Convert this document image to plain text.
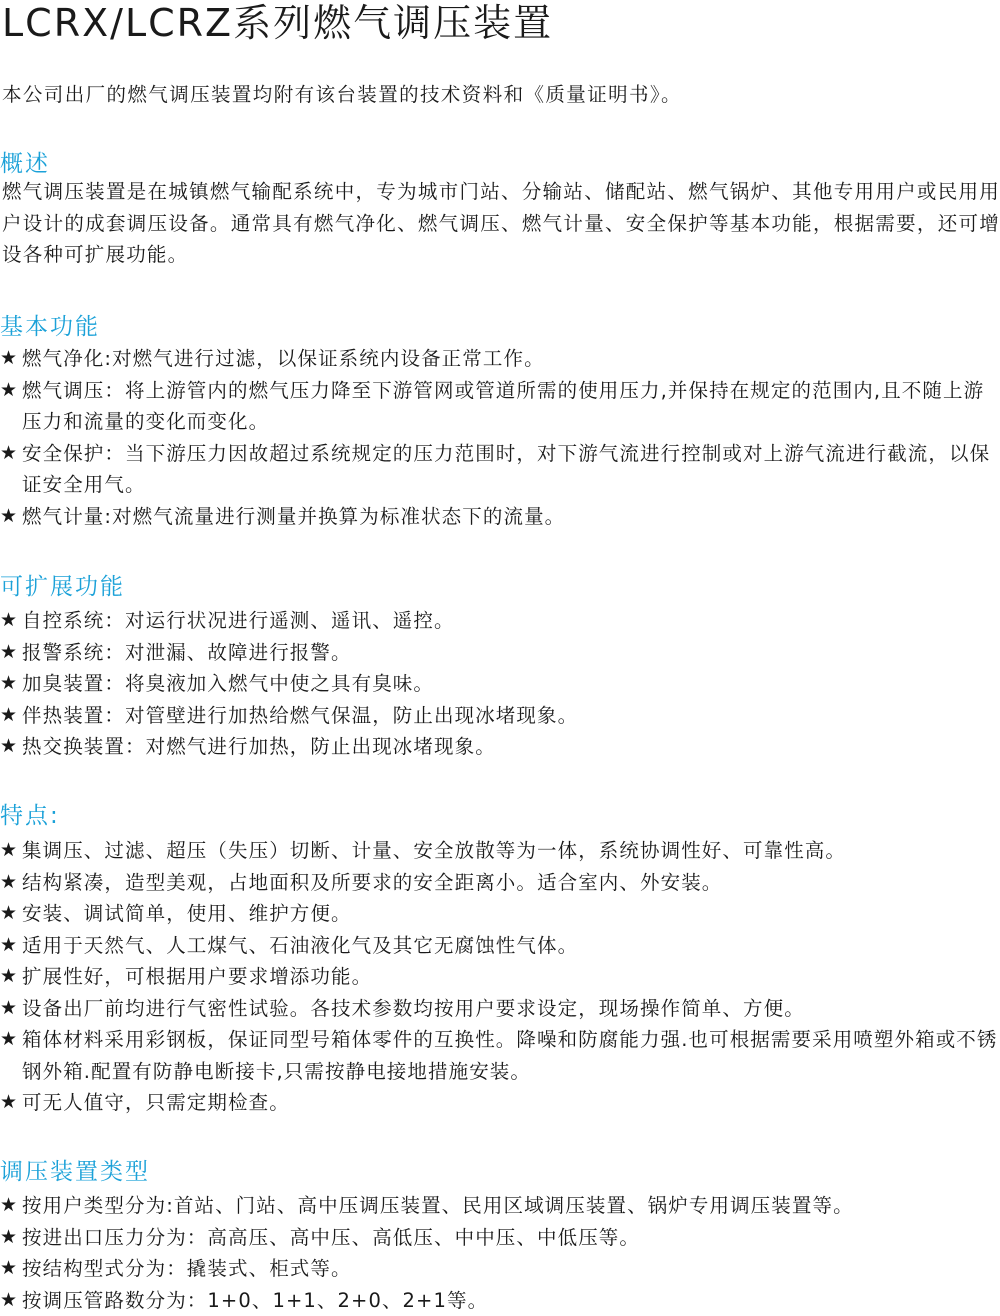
LCRX/LCRZ系列燃气调压装置
本公司出厂的燃气调压装置均附有该台装置的技术资料和《质量证明书》。
概述
燃气调压装置是在城镇燃气输配系统中，专为城市门站、分输站、储配站、燃气锅炉、其他专用用户或民用用户设计的成套调压设备。通常具有燃气净化、燃气调压、燃气计量、安全保护等基本功能，根据需要，还可增设各种可扩展功能。
基本功能
★ 燃气净化:对燃气进行过滤，以保证系统内设备正常工作。
★ 燃气调压：将上游管内的燃气压力降至下游管网或管道所需的使用压力,并保持在规定的范围内,且不随上游压力和流量的变化而变化。
★ 安全保护：当下游压力因故超过系统规定的压力范围时，对下游气流进行控制或对上游气流进行截流，以保证安全用气。
★ 燃气计量:对燃气流量进行测量并换算为标准状态下的流量。
可扩展功能
★ 自控系统：对运行状况进行遥测、遥讯、遥控。
★ 报警系统：对泄漏、故障进行报警。
★ 加臭装置：将臭液加入燃气中使之具有臭味。
★ 伴热装置：对管壁进行加热给燃气保温，防止出现冰堵现象。
★ 热交换装置：对燃气进行加热，防止出现冰堵现象。
特点:
★ 集调压、过滤、超压（失压）切断、计量、安全放散等为一体，系统协调性好、可靠性高。
★ 结构紧凑，造型美观，占地面积及所要求的安全距离小。适合室内、外安装。
★ 安装、调试简单，使用、维护方便。
★ 适用于天然气、人工煤气、石油液化气及其它无腐蚀性气体。
★ 扩展性好，可根据用户要求增添功能。
★ 设备出厂前均进行气密性试验。各技术参数均按用户要求设定，现场操作简单、方便。
★ 箱体材料采用彩钢板，保证同型号箱体零件的互换性。降噪和防腐能力强.也可根据需要采用喷塑外箱或不锈钢外箱.配置有防静电断接卡,只需按静电接地措施安装。
★ 可无人值守，只需定期检查。
调压装置类型
★ 按用户类型分为:首站、门站、高中压调压装置、民用区域调压装置、锅炉专用调压装置等。
★ 按进出口压力分为：高高压、高中压、高低压、中中压、中低压等。
★ 按结构型式分为：撬装式、柜式等。
★ 按调压管路数分为：1+0、1+1、2+0、2+1等。
